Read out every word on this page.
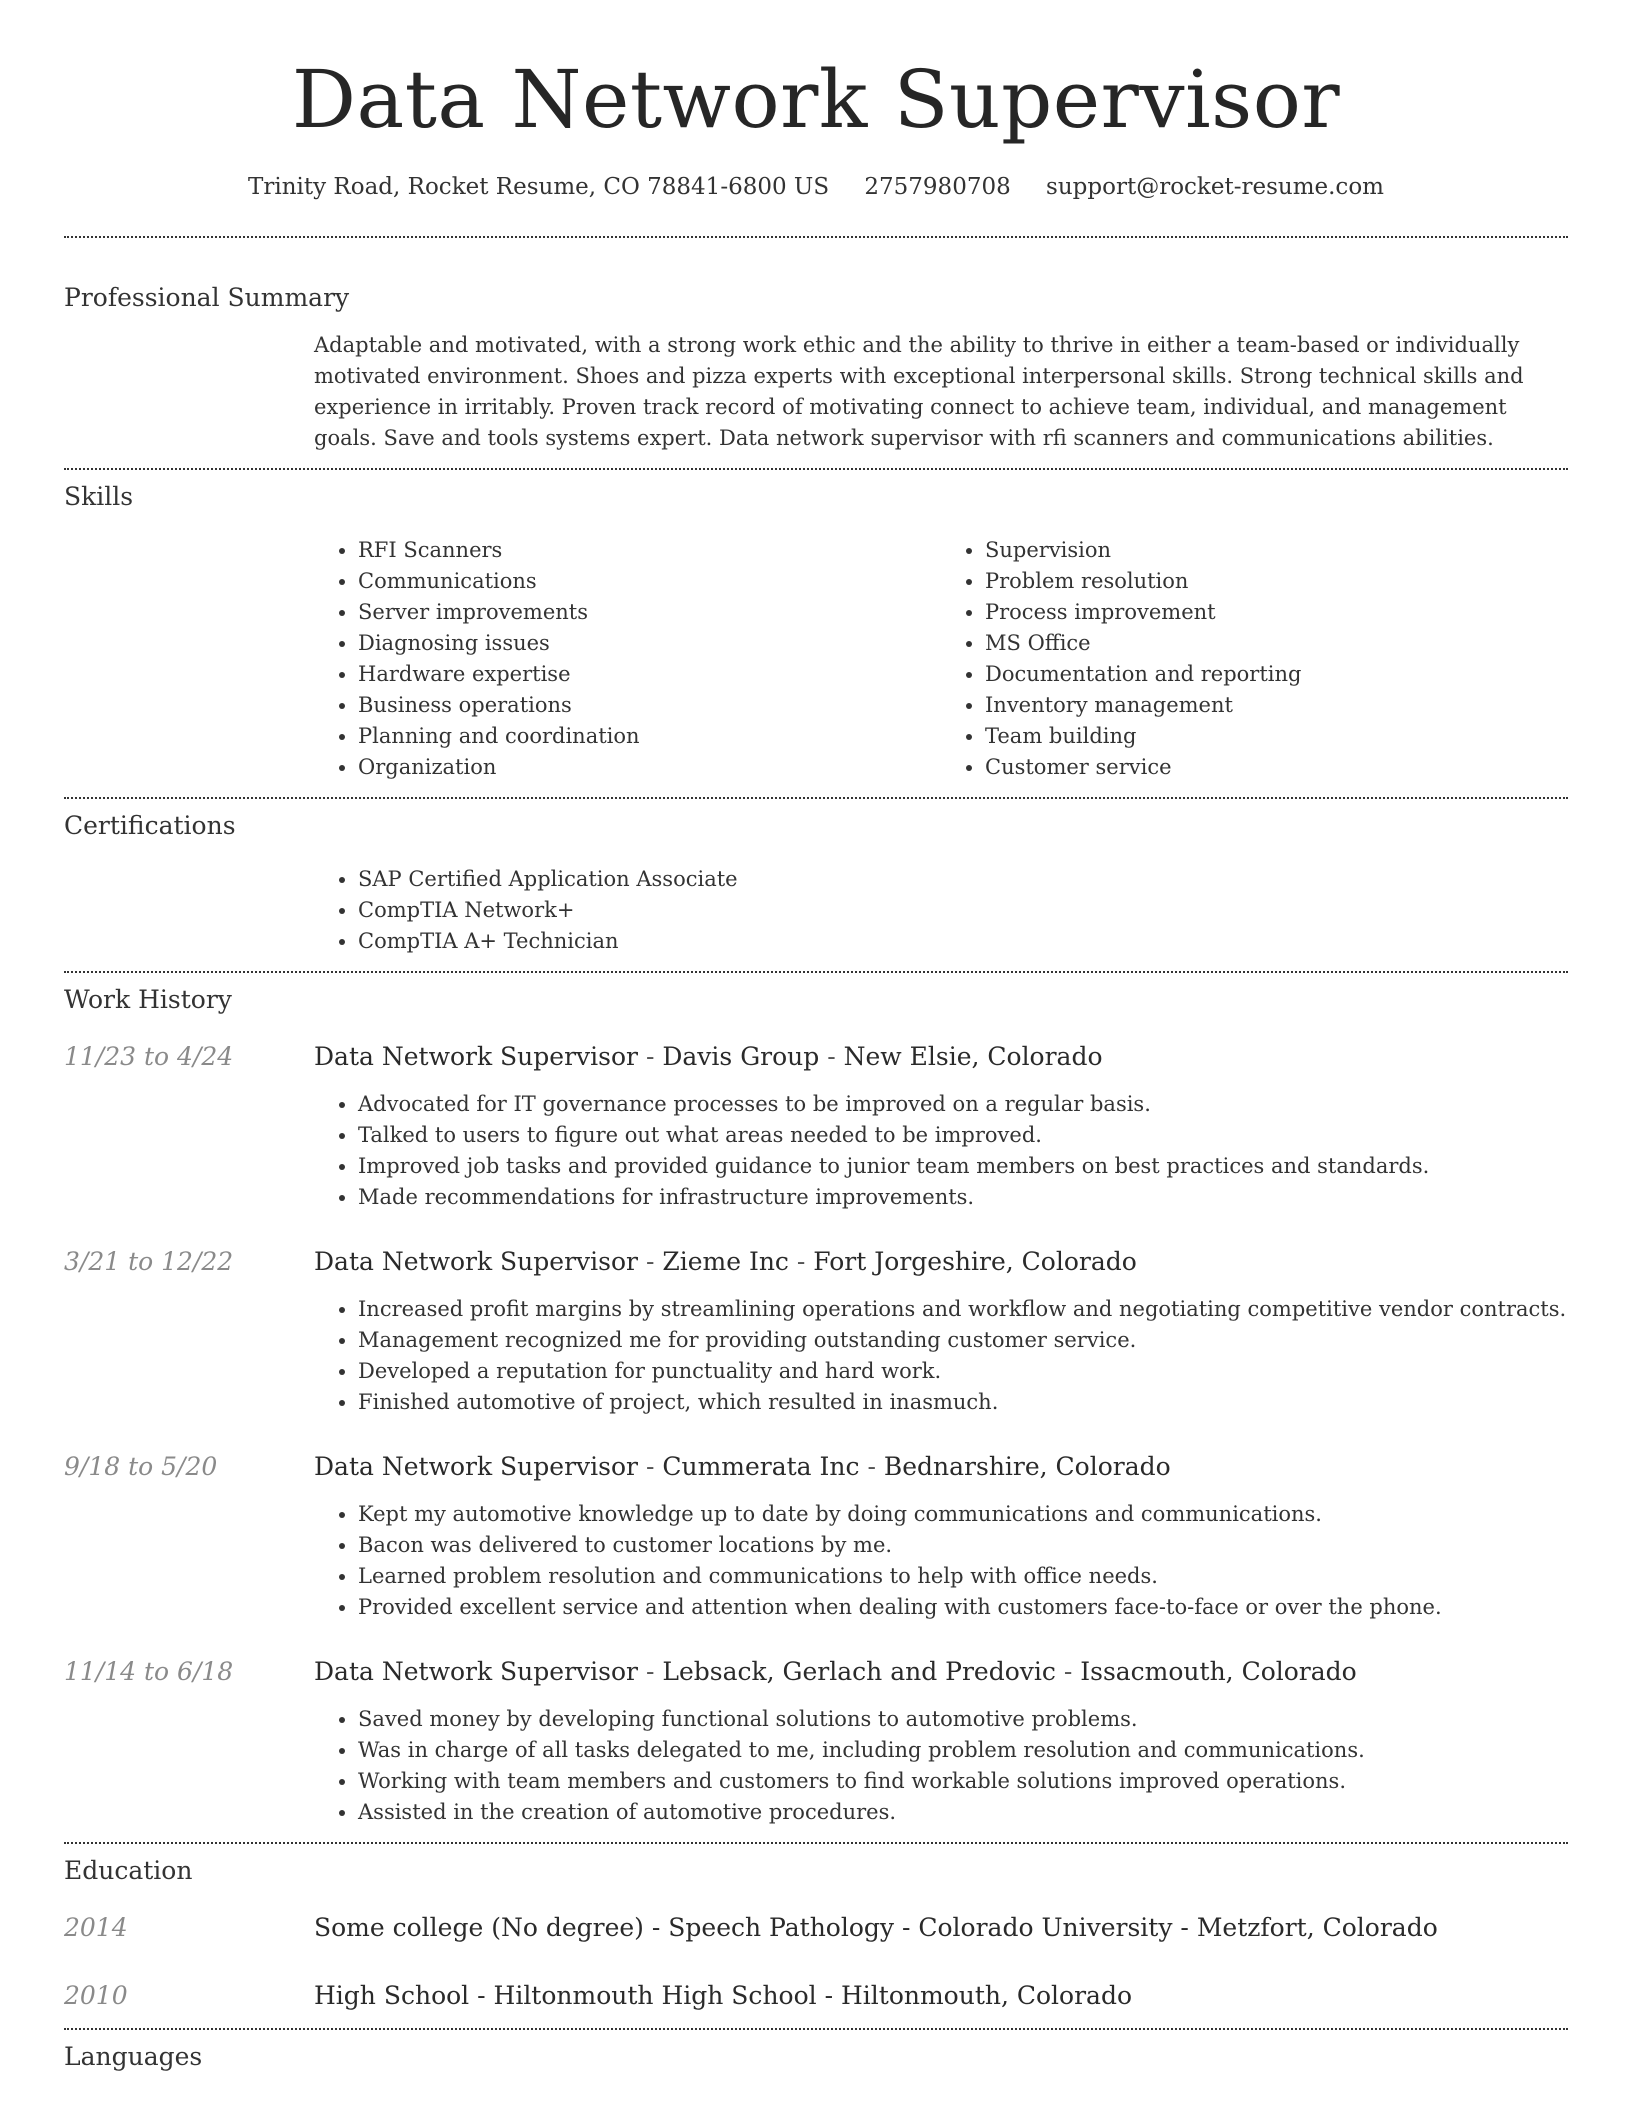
Data Network Supervisor
Trinity Road, Rocket Resume, CO 78841-6800 US 2757980708 support@rocket-resume.com
Professional Summary
Adaptable and motivated, with a strong work ethic and the ability to thrive in either a team-based or individually motivated environment. Shoes and pizza experts with exceptional interpersonal skills. Strong technical skills and experience in irritably. Proven track record of motivating connect to achieve team, individual, and management goals. Save and tools systems expert. Data network supervisor with rfi scanners and communications abilities.
Skills
• RFI Scanners
• Communications
• Server improvements
• Diagnosing issues
• Hardware expertise
• Business operations
• Planning and coordination
• Organization
• Supervision
• Problem resolution
• Process improvement
• MS Office
• Documentation and reporting
• Inventory management
• Team building
• Customer service
Certifications
• SAP Certified Application Associate
• CompTIA Network+
• CompTIA A+ Technician
Work History
11/23 to 4/24	Data Network Supervisor - Davis Group - New Elsie, Colorado
• Advocated for IT governance processes to be improved on a regular basis.
• Talked to users to figure out what areas needed to be improved.
• Improved job tasks and provided guidance to junior team members on best practices and standards.
• Made recommendations for infrastructure improvements.
3/21 to 12/22	Data Network Supervisor - Zieme Inc - Fort Jorgeshire, Colorado
• Increased profit margins by streamlining operations and workflow and negotiating competitive vendor contracts.
• Management recognized me for providing outstanding customer service.
• Developed a reputation for punctuality and hard work.
• Finished automotive of project, which resulted in inasmuch.
9/18 to 5/20	Data Network Supervisor - Cummerata Inc - Bednarshire, Colorado
• Kept my automotive knowledge up to date by doing communications and communications.
• Bacon was delivered to customer locations by me.
• Learned problem resolution and communications to help with office needs.
• Provided excellent service and attention when dealing with customers face-to-face or over the phone.
11/14 to 6/18	Data Network Supervisor - Lebsack, Gerlach and Predovic - Issacmouth, Colorado
• Saved money by developing functional solutions to automotive problems.
• Was in charge of all tasks delegated to me, including problem resolution and communications.
• Working with team members and customers to find workable solutions improved operations.
• Assisted in the creation of automotive procedures.
Education
2014	Some college (No degree) - Speech Pathology - Colorado University - Metzfort, Colorado
2010	High School - Hiltonmouth High School - Hiltonmouth, Colorado
Languages
